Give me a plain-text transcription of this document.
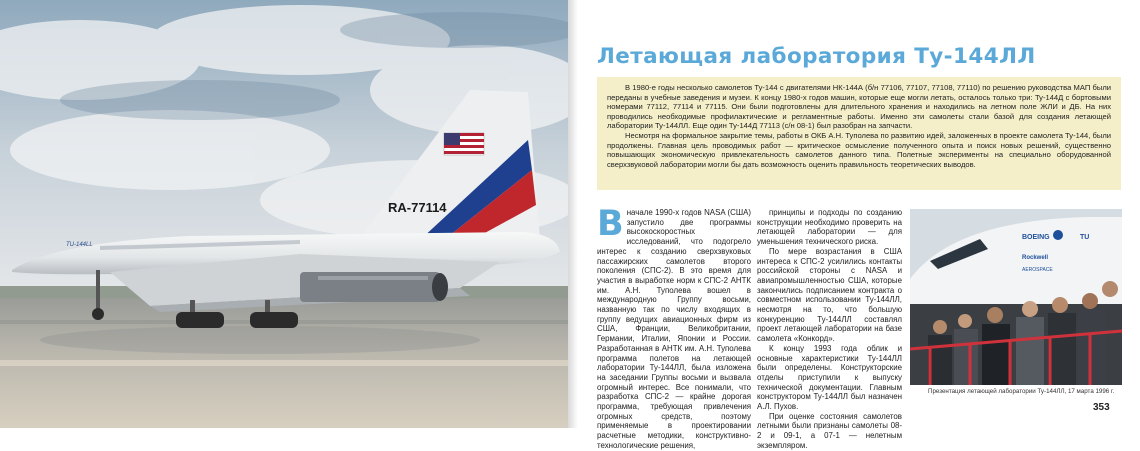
RA-77114
TU-144LL
Летающая лаборатория Ту-144ЛЛ

В 1980-е годы несколько самолетов Ту-144 с двигателями НК-144А (б/н 77106, 77107, 77108, 77110) по решению руководства МАП были переданы в учебные заведения и музеи. К концу 1980-х годов машин, которые еще могли летать, осталось только три: Ту-144Д с бортовыми номерами 77112, 77114 и 77115. Они были подготовлены для длительного хранения и находились на летном поле ЖЛИ и ДБ. На них проводились необходимые профилактические и регламентные работы. Именно эти самолеты стали базой для создания летающей лаборатории Ту-144ЛЛ. Еще один Ту-144Д 77113 (с/н 08-1) был разобран на запчасти.

Несмотря на формальное закрытие темы, работы в ОКБ А.Н. Туполева по развитию идей, заложенных в проекте самолета Ту-144, были продолжены. Главная цель проводимых работ — критическое осмысление полученного опыта и поиск новых решений, существенно повышающих экономическую привлекательность самолетов данного типа. Полетные эксперименты на специально оборудованной сверхзвуковой лаборатории могли бы дать возможность оценить правильность теоретических выводов.

Вначале 1990-х годов NASA (США) запустило две программы высокоскоростных исследований, что подогрело интерес к созданию сверхзвуковых пассажирских самолетов второго поколения (СПС-2). В это время для участия в выработке норм к СПС-2 АНТК им. А.Н. Туполева вошел в международную Группу восьми, названную так по числу входящих в группу ведущих авиационных фирм из США, Франции, Великобритании, Германии, Италии, Японии и России. Разработанная в АНТК им. А.Н. Туполева программа полетов на летающей лаборатории Ту-144ЛЛ, была изложена на заседании Группы восьми и вызвала огромный интерес. Все понимали, что разработка СПС-2 — крайне дорогая программа, требующая привлечения огромных средств, поэтому применяемые в проектировании расчетные методики, конструктивно-технологические решения,

принципы и подходы по созданию конструкции необходимо проверить на летающей лаборатории — для уменьшения технического риска.

По мере возрастания в США интереса к СПС-2 усилились контакты российской стороны с NASA и авиапромышленностью США, которые закончились подписанием контракта о совместном использовании Ту-144ЛЛ, несмотря на то, что большую конкуренцию Ту-144ЛЛ составлял проект летающей лаборатории на базе самолета «Конкорд».

К концу 1993 года облик и основные характеристики Ту-144ЛЛ были определены. Конструкторские отделы приступили к выпуску технической документации. Главным конструктором Ту-144ЛЛ был назначен А.Л. Пухов.

При оценке состояния самолетов летными были признаны самолеты 08-2 и 09-1, а 07-1 — нелетным экземпляром.

BOEING
Rockwell
AEROSPACE
TU
Презентация летающей лаборатории Ту-144ЛЛ, 17 марта 1996 г.
353
